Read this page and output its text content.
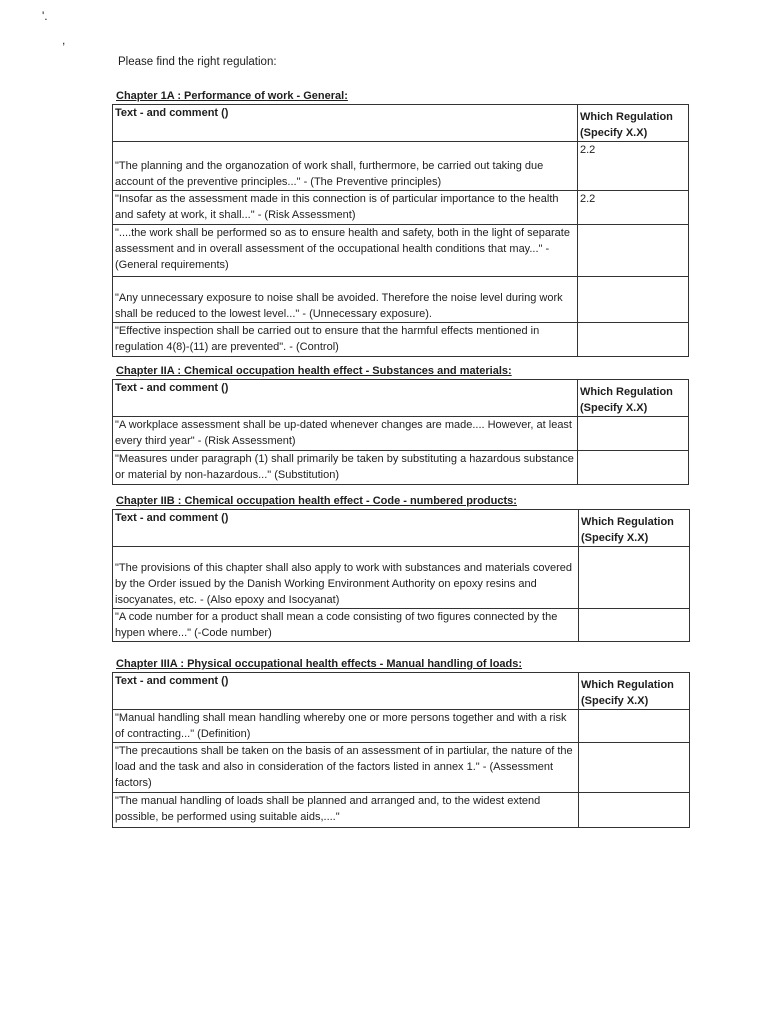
'.
,
Please find the right regulation:
Chapter 1A : Performance of work - General:
Text - and comment ()	Which Regulation (Specify X.X)
"The planning and the organozation of work shall, furthermore, be carried out taking due account of the preventive principles..." - (The Preventive principles)	2.2
"Insofar as the assessment made in this connection is of particular importance to the health and safety at work, it shall..." - (Risk Assessment)	2.2
"....the work shall be performed so as to ensure health and safety, both in the light of separate assessment and in overall assessment of the occupational health conditions that may..." - (General requirements)	
"Any unnecessary exposure to noise shall be avoided. Therefore the noise level during work shall be reduced to the lowest level..." - (Unnecessary exposure).	
"Effective inspection shall be carried out to ensure that the harmful effects mentioned in regulation 4(8)-(11) are prevented". - (Control)	
Chapter IIA : Chemical occupation health effect - Substances and materials:
Text - and comment ()	Which Regulation (Specify X.X)
"A workplace assessment shall be up-dated whenever changes are made.... However, at least every third year" - (Risk Assessment)	
"Measures under paragraph (1) shall primarily be taken by substituting a hazardous substance or material by non-hazardous..." (Substitution)	
Chapter IIB : Chemical occupation health effect - Code - numbered products:
Text - and comment ()	Which Regulation (Specify X.X)
"The provisions of this chapter shall also apply to work with substances and materials covered by the Order issued by the Danish Working Environment Authority on epoxy resins and isocyanates, etc. - (Also epoxy and Isocyanat)	
"A code number for a product shall mean a code consisting of two figures connected by the hypen where..." (-Code number)	
Chapter IIIA : Physical occupational health effects - Manual handling of loads:
Text - and comment ()	Which Regulation (Specify X.X)
"Manual handling shall mean handling whereby one or more persons together and with a risk of contracting..." (Definition)	
"The precautions shall be taken on the basis of an assessment of in partiular, the nature of the load and the task and also in consideration of the factors listed in annex 1." - (Assessment factors)	
"The manual handling of loads shall be planned and arranged and, to the widest extend possible, be performed using suitable aids,...."	
